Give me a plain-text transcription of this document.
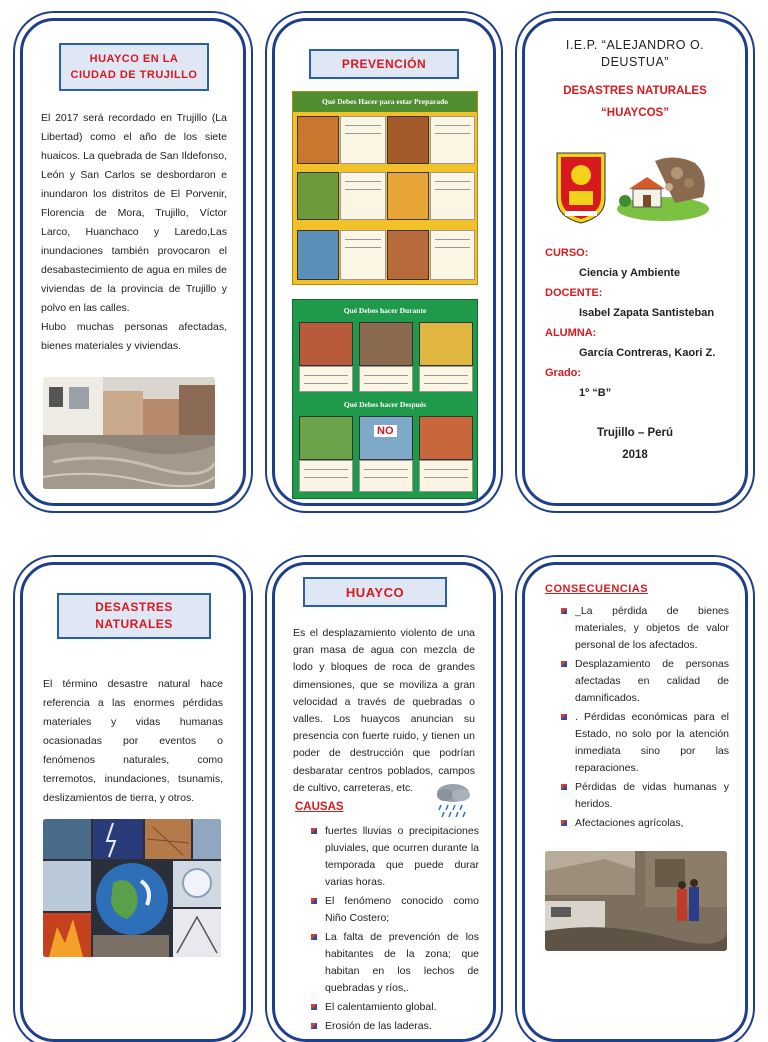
HUAYCO EN LA CIUDAD DE TRUJILLO

El 2017 será recordado en Trujillo (La Libertad) como el año de los siete huaicos. La quebrada de San Ildefonso, León y San Carlos se desbordaron e inundaron los distritos de El Porvenir, Florencia de Mora, Trujillo, Víctor Larco, Huanchaco y Laredo,Las inundaciones también provocaron el desabastecimiento de agua en miles de viviendas de la provincia de Trujillo y polvo en las calles.

Hubo muchas personas afectadas, bienes materiales y viviendas.

PREVENCIÓN
Qué Debes Hacer para estar Preparado
Qué Debes hacer Durante
Qué Debes hacer Después
NO
I.E.P. “ALEJANDRO O. DEUSTUA”
DESASTRES NATURALES
“HUAYCOS”
CURSO:
Ciencia y Ambiente
DOCENTE:
Isabel Zapata Santisteban
ALUMNA:
García Contreras, Kaori Z.
Grado:
1º “B”
Trujillo – Perú
2018
DESASTRES NATURALES
El término desastre natural hace referencia a las enormes pérdidas materiales y vidas humanas ocasionadas por eventos o fenómenos naturales, como terremotos, inundaciones, tsunamis, deslizamientos de tierra, y otros.
HUAYCO
Es el desplazamiento violento de una gran masa de agua con mezcla de lodo y bloques de roca de grandes dimensiones, que se moviliza a gran velocidad a través de quebradas o valles. Los huaycos anuncian su presencia con fuerte ruido, y tienen un poder de destrucción que podrían desbaratar centros poblados, campos de cultivo, carreteras, etc.
CAUSAS
fuertes lluvias o precipitaciones pluviales, que ocurren durante la temporada que puede durar varias horas.
El fenómeno conocido como Niño Costero;
La falta de prevención de los habitantes de la zona; que habitan en los lechos de quebradas y ríos,.
El calentamiento global.
Erosión de las laderas.
CONSECUENCIAS
_La pérdida de bienes materiales, y objetos de valor personal de los afectados.
Desplazamiento de personas afectadas en calidad de damnificados.
. Pérdidas económicas para el Estado, no solo por la atención inmediata sino por las reparaciones.
Pérdidas de vidas humanas y heridos.
Afectaciones agrícolas,
